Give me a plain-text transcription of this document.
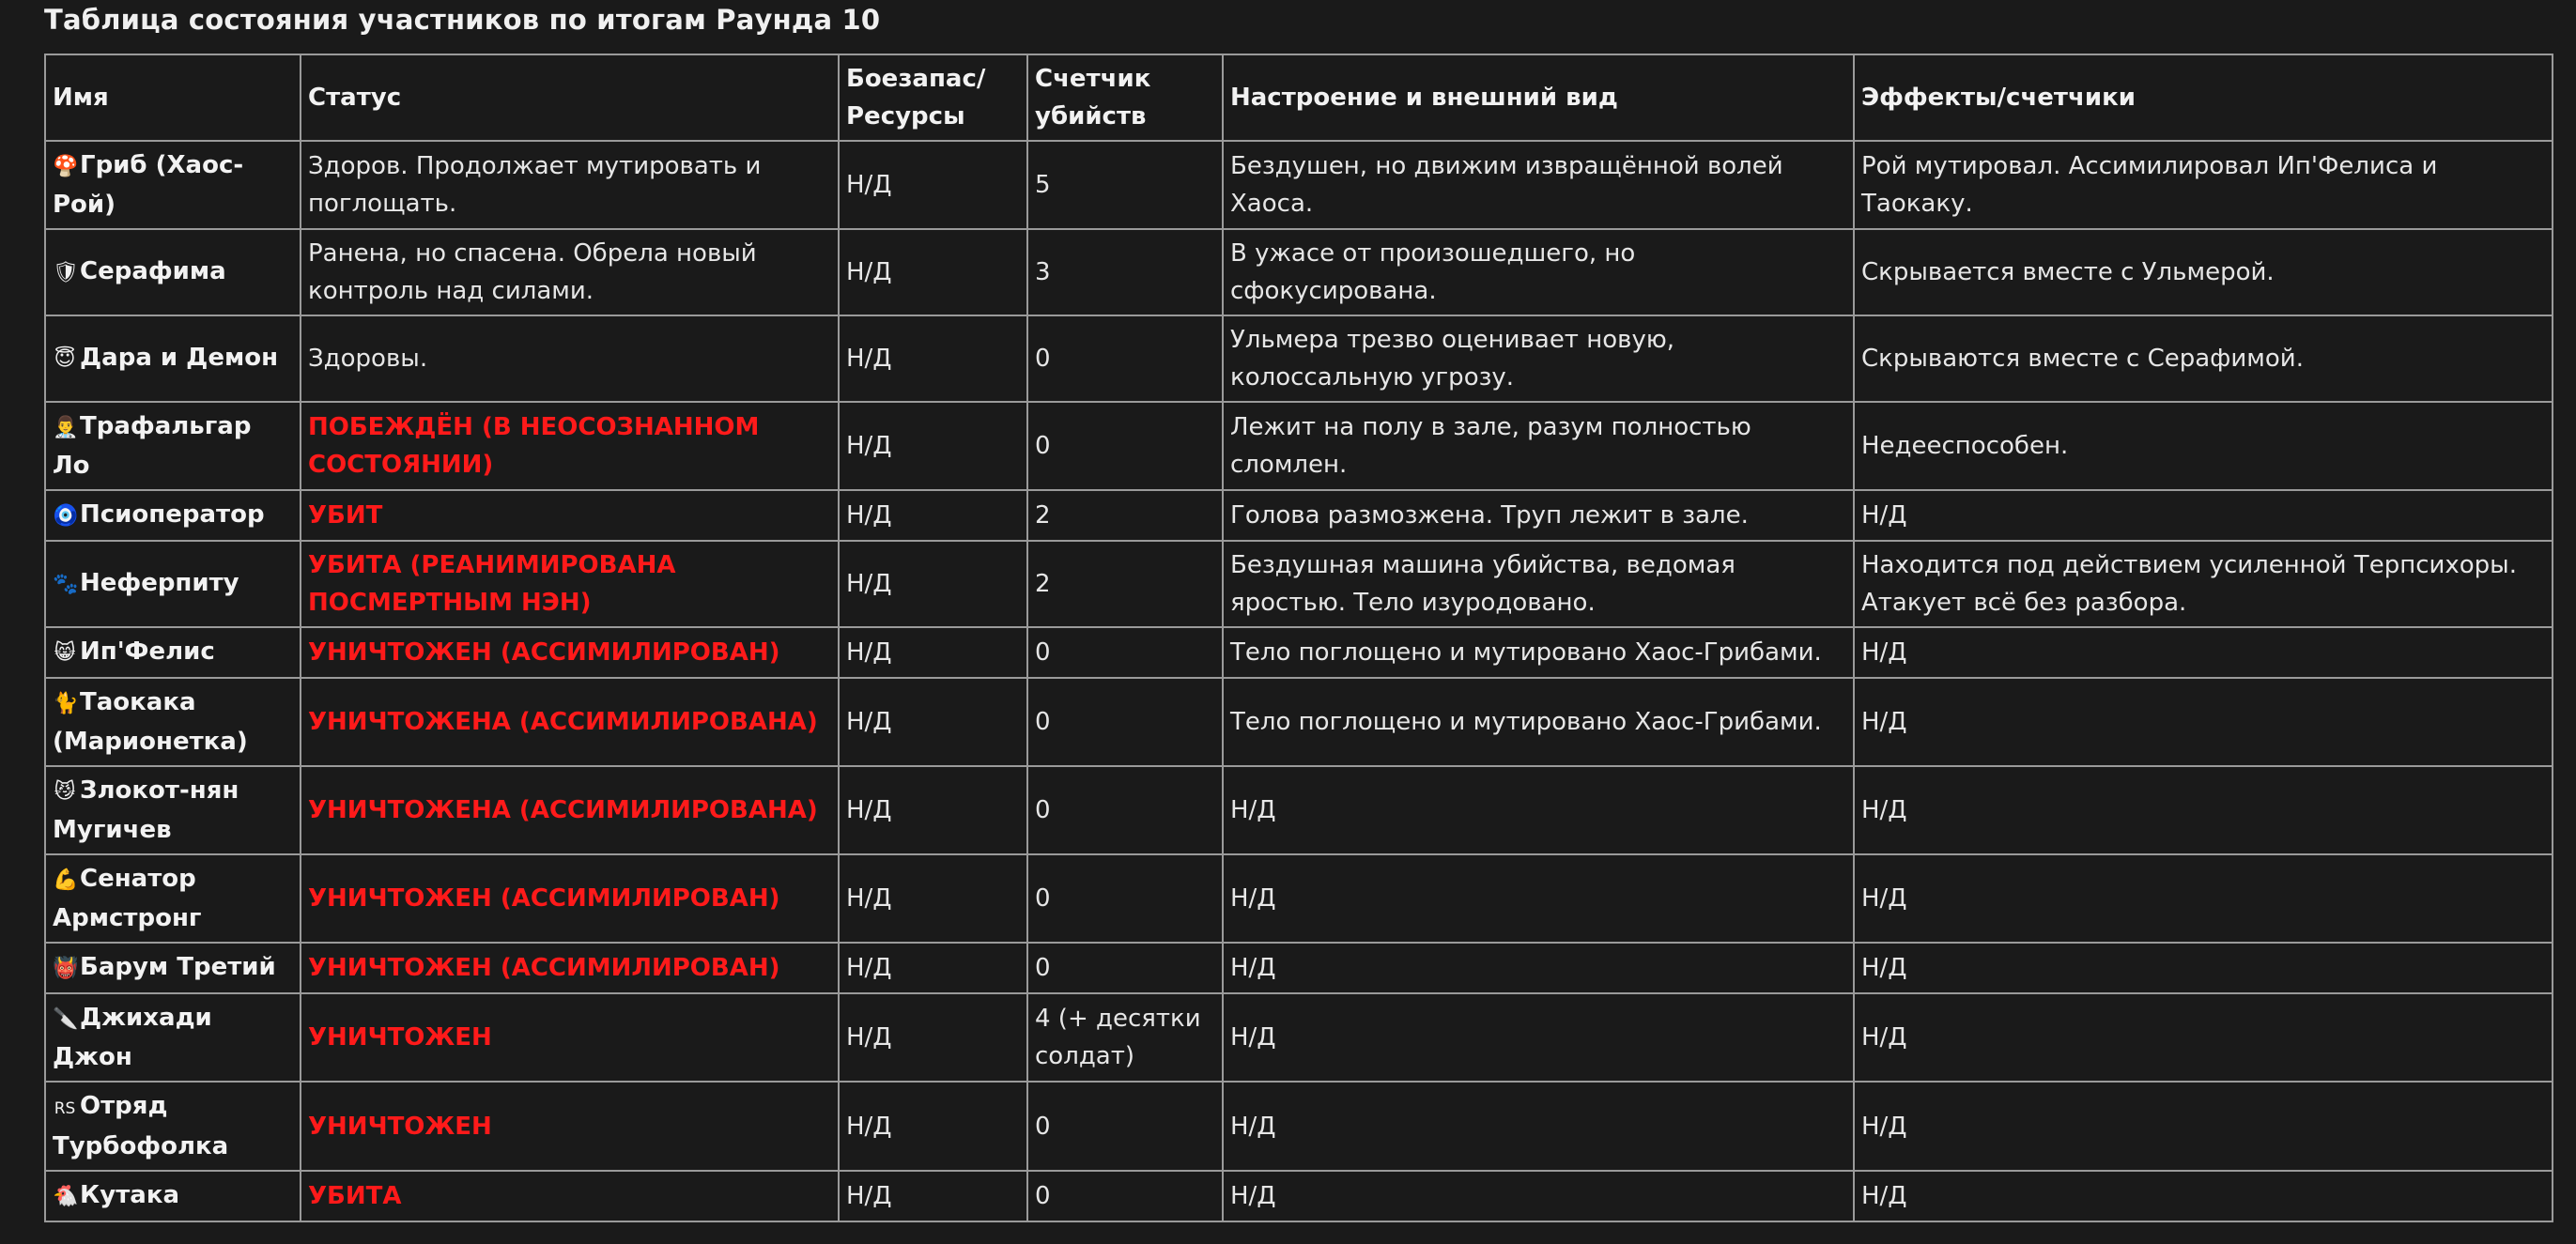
Таблица состояния участников по итогам Раунда 10
Имя	Статус	Боезапас/ Ресурсы	Счетчик убийств	Настроение и внешний вид	Эффекты/счетчики
🍄Гриб (Хаос-Рой)	Здоров. Продолжает мутировать и поглощать.	Н/Д	5	Бездушен, но движим извращённой волей Хаоса.	Рой мутировал. Ассимилировал Ип'Фелиса и Таокаку.
🛡Серафима	Ранена, но спасена. Обрела новый контроль над силами.	Н/Д	3	В ужасе от произошедшего, но сфокусирована.	Скрывается вместе с Ульмерой.
😇 Дара и Демон	Здоровы.	Н/Д	0	Ульмера трезво оценивает новую, колоссальную угрозу.	Скрываются вместе с Серафимой.
👨‍⚕️Трафальгар Ло	ПОБЕЖДЁН (В НЕОСОЗНАННОМ СОСТОЯНИИ)	Н/Д	0	Лежит на полу в зале, разум полностью сломлен.	Недееспособен.
🧿Псиоператор	УБИТ	Н/Д	2	Голова размозжена. Труп лежит в зале.	Н/Д
🐾Неферпиту	УБИТА (РЕАНИМИРОВАНА ПОСМЕРТНЫМ НЭН)	Н/Д	2	Бездушная машина убийства, ведомая яростью. Тело изуродовано.	Находится под действием усиленной Терпсихоры. Атакует всё без разбора.
😸 Ип'Фелис	УНИЧТОЖЕН (АССИМИЛИРОВАН)	Н/Д	0	Тело поглощено и мутировано Хаос-Грибами.	Н/Д
🐈Таокака (Марионетка)	УНИЧТОЖЕНА (АССИМИЛИРОВАНА)	Н/Д	0	Тело поглощено и мутировано Хаос-Грибами.	Н/Д
😼 Злокот-нян Мугичев	УНИЧТОЖЕНА (АССИМИЛИРОВАНА)	Н/Д	0	Н/Д	Н/Д
💪Сенатор Армстронг	УНИЧТОЖЕН (АССИМИЛИРОВАН)	Н/Д	0	Н/Д	Н/Д
👹Барум Третий	УНИЧТОЖЕН (АССИМИЛИРОВАН)	Н/Д	0	Н/Д	Н/Д
🔪Джихади Джон	УНИЧТОЖЕН	Н/Д	4 (+ десятки солдат)	Н/Д	Н/Д
RS Отряд Турбофолка	УНИЧТОЖЕН	Н/Д	0	Н/Д	Н/Д
🐔Кутака	УБИТА	Н/Д	0	Н/Д	Н/Д
